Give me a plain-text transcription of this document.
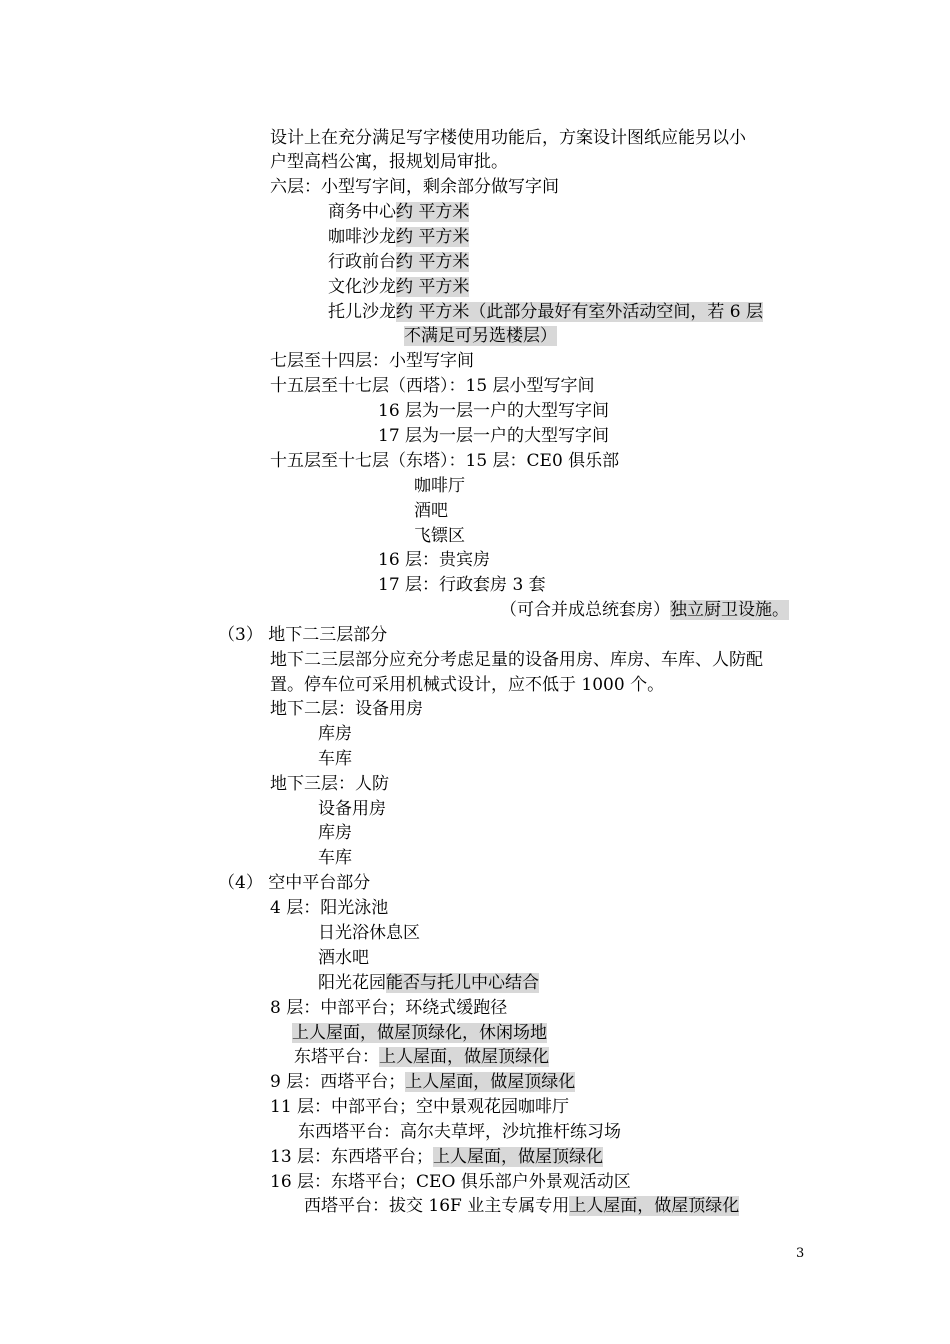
设计上在充分满足写字楼使用功能后，方案设计图纸应能另以小
户型高档公寓，报规划局审批。
六层：小型写字间，剩余部分做写字间
商务中心约 平方米
咖啡沙龙约 平方米
行政前台约 平方米
文化沙龙约 平方米
托儿沙龙约 平方米（此部分最好有室外活动空间，若 6 层
不满足可另选楼层）
七层至十四层：小型写字间
十五层至十七层（西塔）：15 层小型写字间
16 层为一层一户的大型写字间
17 层为一层一户的大型写字间
十五层至十七层（东塔）：15 层：CE0 俱乐部
咖啡厅
酒吧
飞镖区
16 层：贵宾房
17 层：行政套房 3 套
（可合并成总统套房）独立厨卫设施。
（3） 地下二三层部分
地下二三层部分应充分考虑足量的设备用房、库房、车库、人防配
置。停车位可采用机械式设计，应不低于 1000 个。
地下二层：设备用房
库房
车库
地下三层：人防
设备用房
库房
车库
（4） 空中平台部分
4 层：阳光泳池
日光浴休息区
酒水吧
阳光花园能否与托儿中心结合
8 层：中部平台；环绕式缓跑径
上人屋面，做屋顶绿化，休闲场地
东塔平台：上人屋面，做屋顶绿化
9 层：西塔平台；上人屋面，做屋顶绿化
11 层：中部平台；空中景观花园咖啡厅
东西塔平台：高尔夫草坪，沙坑推杆练习场
13 层：东西塔平台；上人屋面，做屋顶绿化
16 层：东塔平台；CEO 俱乐部户外景观活动区
西塔平台：拔交 16F 业主专属专用上人屋面，做屋顶绿化
3
